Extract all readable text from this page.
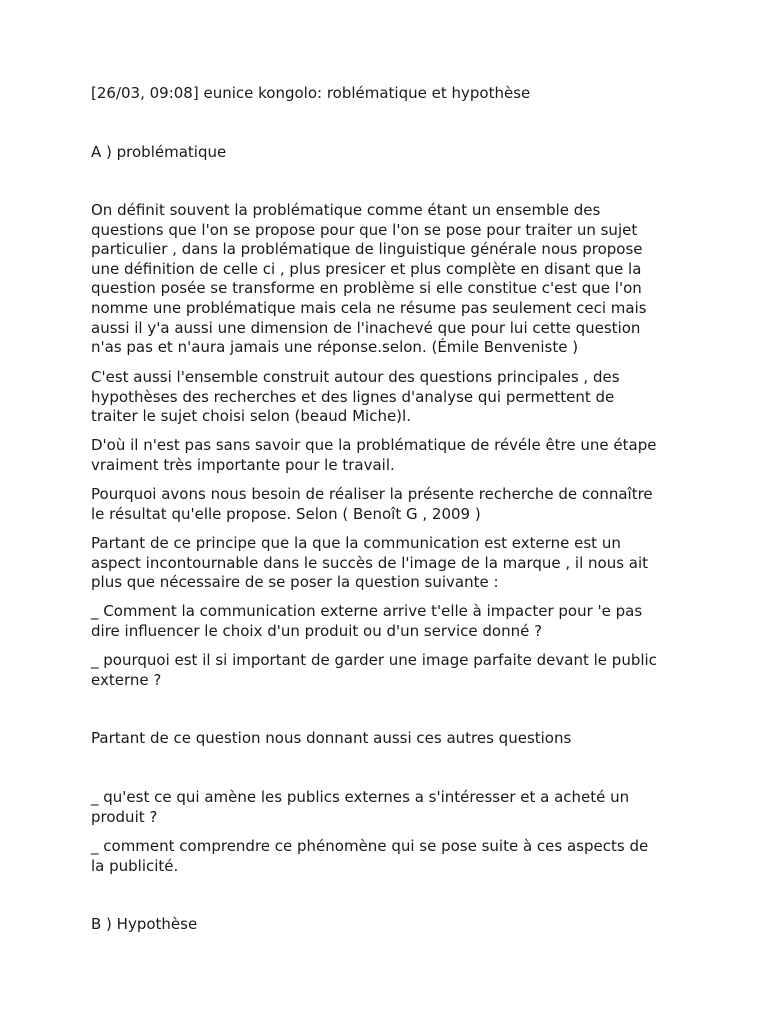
[26/03, 09:08] eunice kongolo: roblématique et hypothèse

A ) problématique

On définit souvent la problématique comme étant un ensemble des
questions que l'on se propose pour que l'on se pose pour traiter un sujet
particulier , dans la problématique de linguistique générale nous propose
une définition de celle ci , plus presicer et plus complète en disant que la
question posée se transforme en problème si elle constitue c'est que l'on
nomme une problématique mais cela ne résume pas seulement ceci mais
aussi il y'a aussi une dimension de l'inachevé que pour lui cette question
n'as pas et n'aura jamais une réponse.selon. (Émile Benveniste )

C'est aussi l'ensemble construit autour des questions principales , des
hypothèses des recherches et des lignes d'analyse qui permettent de
traiter le sujet choisi selon (beaud Miche)l.

D'où il n'est pas sans savoir que la problématique de révéle être une étape
vraiment très importante pour le travail.

Pourquoi avons nous besoin de réaliser la présente recherche de connaître
le résultat qu'elle propose. Selon ( Benoît G , 2009 )

Partant de ce principe que la que la communication est externe est un
aspect incontournable dans le succès de l'image de la marque , il nous ait
plus que nécessaire de se poser la question suivante :

_ Comment la communication externe arrive t'elle à impacter pour 'e pas
dire influencer le choix d'un produit ou d'un service donné ?

_ pourquoi est il si important de garder une image parfaite devant le public
externe ?

Partant de ce question nous donnant aussi ces autres questions

_ qu'est ce qui amène les publics externes a s'intéresser et a acheté un
produit ?

_ comment comprendre ce phénomène qui se pose suite à ces aspects de
la publicité.

B ) Hypothèse
